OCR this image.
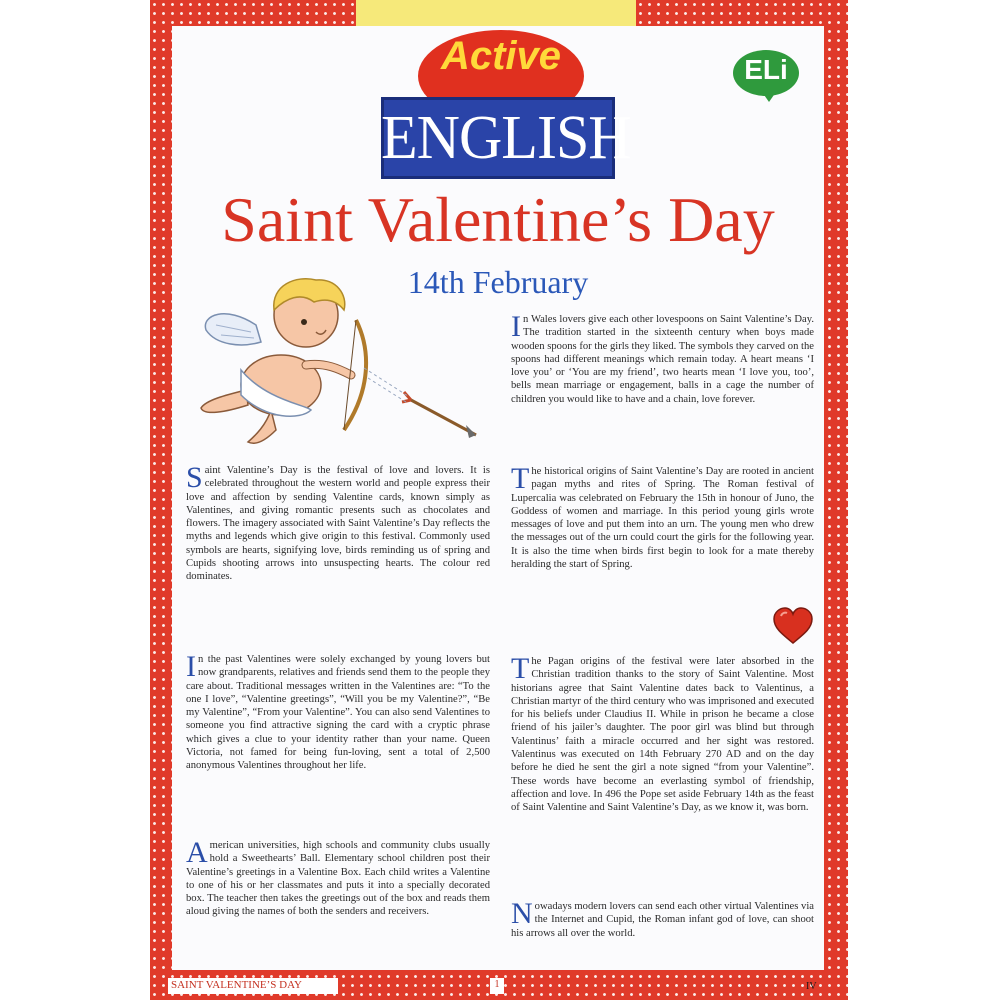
Active
ENGLISH
ELi
Saint Valentine’s Day
14th February

Saint Valentine’s Day is the festival of love and lovers. It is celebrated throughout the western world and people express their love and affection by sending Valentine cards, known simply as Valentines, and giving romantic presents such as chocolates and flowers. The imagery associated with Saint Valentine’s Day reflects the myths and legends which give origin to this festival. Commonly used symbols are hearts, signifying love, birds reminding us of spring and Cupids shooting arrows into unsuspecting hearts. The colour red dominates.

In the past Valentines were solely exchanged by young lovers but now grandparents, relatives and friends send them to the people they care about. Traditional messages written in the Valentines are: “To the one I love”, “Valentine greetings”, “Will you be my Valentine?”, “Be my Valentine”, “From your Valentine”. You can also send Valentines to someone you find attractive signing the card with a cryptic phrase which gives a clue to your identity rather than your name. Queen Victoria, not famed for being fun-loving, sent a total of 2,500 anonymous Valentines throughout her life.

American universities, high schools and community clubs usually hold a Sweethearts’ Ball. Elementary school children post their Valentine’s greetings in a Valentine Box. Each child writes a Valentine to one of his or her classmates and puts it into a specially decorated box. The teacher then takes the greetings out of the box and reads them aloud giving the names of both the senders and receivers.

In Wales lovers give each other lovespoons on Saint Valentine’s Day. The tradition started in the sixteenth century when boys made wooden spoons for the girls they liked. The symbols they carved on the spoons had different meanings which remain today. A heart means ‘I love you’ or ‘You are my friend’, two hearts mean ‘I love you, too’, bells mean marriage or engagement, balls in a cage the number of children you would like to have and a chain, love forever.

The historical origins of Saint Valentine’s Day are rooted in ancient pagan myths and rites of Spring. The Roman festival of Lupercalia was celebrated on February the 15th in honour of Juno, the Goddess of women and marriage. In this period young girls wrote messages of love and put them into an urn. The young men who drew the messages out of the urn could court the girls for the following year. It is also the time when birds first begin to look for a mate thereby heralding the start of Spring.

The Pagan origins of the festival were later absorbed in the Christian tradition thanks to the story of Saint Valentine. Most historians agree that Saint Valentine dates back to Valentinus, a Christian martyr of the third century who was imprisoned and executed for his beliefs under Claudius II. While in prison he became a close friend of his jailer’s daughter. The poor girl was blind but through Valentinus’ faith a miracle occurred and her sight was restored. Valentinus was executed on 14th February 270 AD and on the day before he died he sent the girl a note signed “from your Valentine”. These words have become an everlasting symbol of friendship, affection and love. In 496 the Pope set aside February 14th as the feast of Saint Valentine and Saint Valentine’s Day, as we know it, was born.

Nowadays modern lovers can send each other virtual Valentines via the Internet and Cupid, the Roman infant god of love, can shoot his arrows all over the world.

SAINT VALENTINE’S DAY	1	IV
